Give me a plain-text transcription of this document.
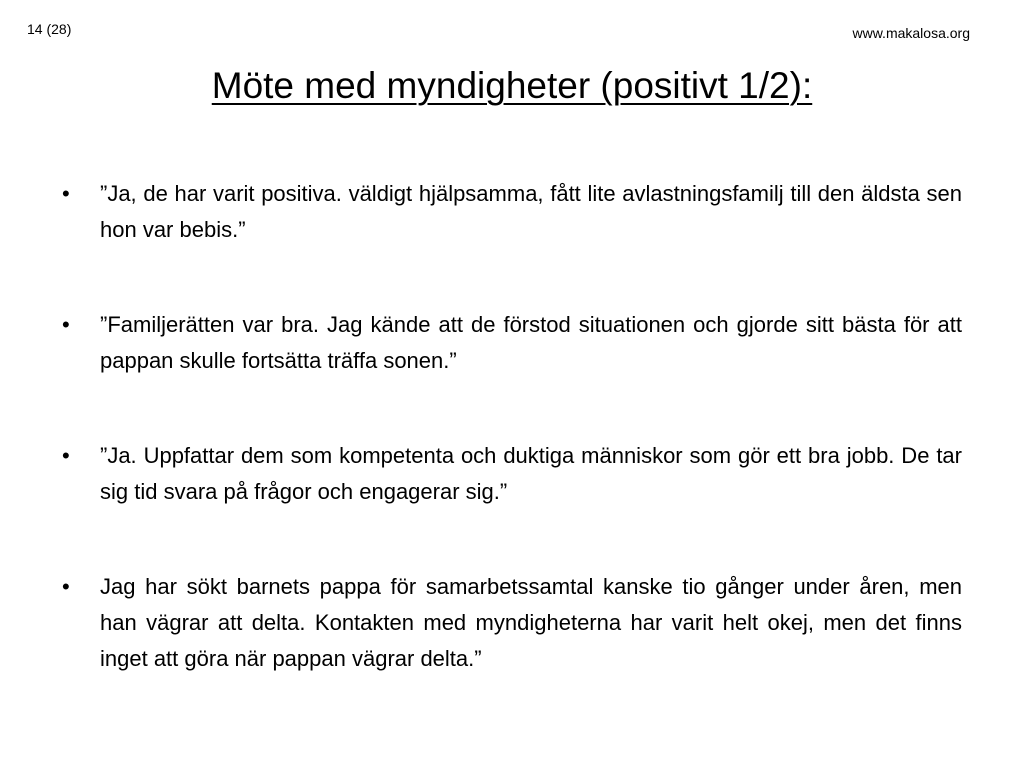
14 (28)	www.makalosa.org
Möte med myndigheter (positivt 1/2):
•	”Ja, de har varit positiva. väldigt hjälpsamma, fått lite avlastningsfamilj till den äldsta sen hon var bebis.”
•	”Familjerätten var bra. Jag kände att de förstod situationen och gjorde sitt bästa för att pappan skulle fortsätta träffa sonen.”
•	”Ja. Uppfattar dem som kompetenta och duktiga människor som gör ett bra jobb. De tar sig tid svara på frågor och engagerar sig.”
•	Jag har sökt barnets pappa för samarbetssamtal kanske tio gånger under åren, men han vägrar att delta. Kontakten med myndigheterna har varit helt okej, men det finns inget att göra när pappan vägrar delta.”
